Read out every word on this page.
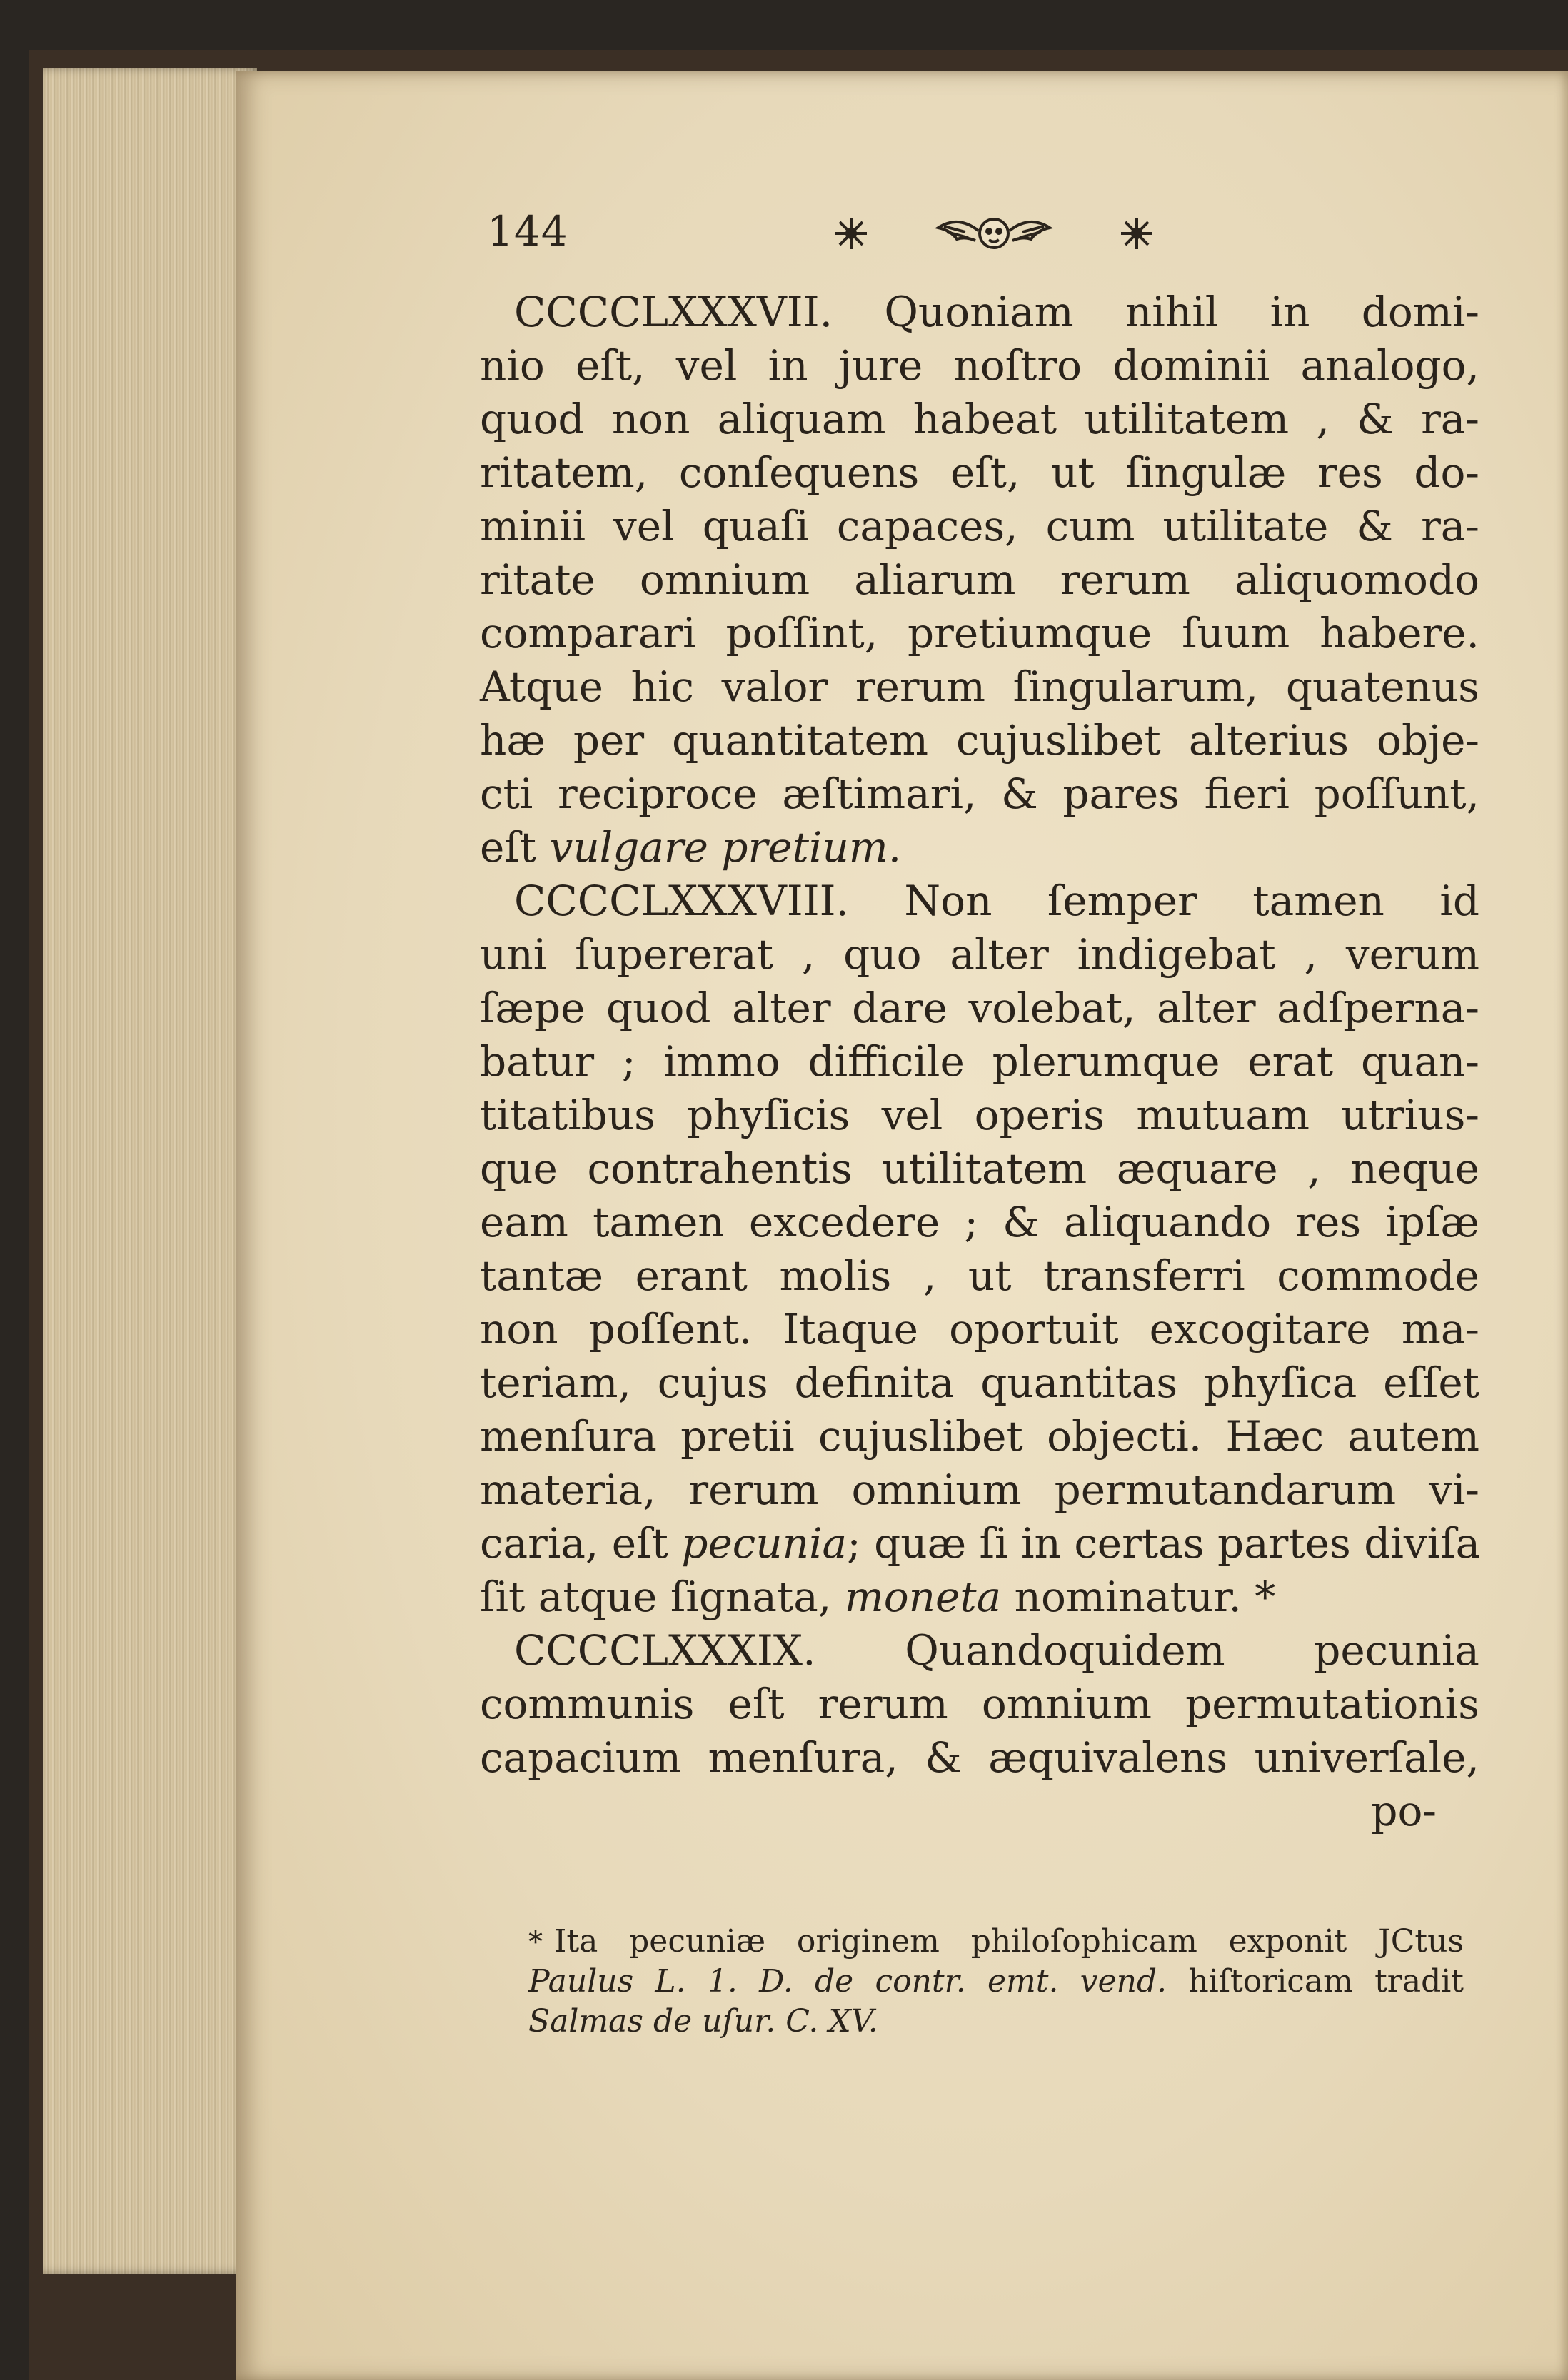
144
CCCCLXXXVII. Quoniam nihil in domi-
nio eſt, vel in jure noſtro dominii analogo,
quod non aliquam habeat utilitatem , & ra-
ritatem, conſequens eſt, ut ſingulæ res do-
minii vel quaſi capaces, cum utilitate & ra-
ritate omnium aliarum rerum aliquomodo
comparari poſſint, pretiumque ſuum habere.
Atque hic valor rerum ſingularum, quatenus
hæ per quantitatem cujuslibet alterius obje-
cti reciproce æſtimari, & pares fieri poſſunt,
eſt vulgare pretium.
CCCCLXXXVIII. Non ſemper tamen id
uni ſupererat , quo alter indigebat , verum
ſæpe quod alter dare volebat, alter adſperna-
batur ; immo difficile plerumque erat quan-
titatibus phyſicis vel operis mutuam utrius-
que contrahentis utilitatem æquare , neque
eam tamen excedere ; & aliquando res ipſæ
tantæ erant molis , ut transferri commode
non poſſent. Itaque oportuit excogitare ma-
teriam, cujus definita quantitas phyſica eſſet
menſura pretii cujuslibet objecti. Hæc autem
materia, rerum omnium permutandarum vi-
caria, eſt pecunia; quæ ſi in certas partes diviſa
ſit atque ſignata, moneta nominatur. *
CCCCLXXXIX. Quandoquidem pecunia
communis eſt rerum omnium permutationis
capacium menſura, & æquivalens univerſale,
po-
* Ita pecuniæ originem philoſophicam exponit JCtus
Paulus L. 1. D. de contr. emt. vend. hiſtoricam tradit
Salmas de uſur. C. XV.
